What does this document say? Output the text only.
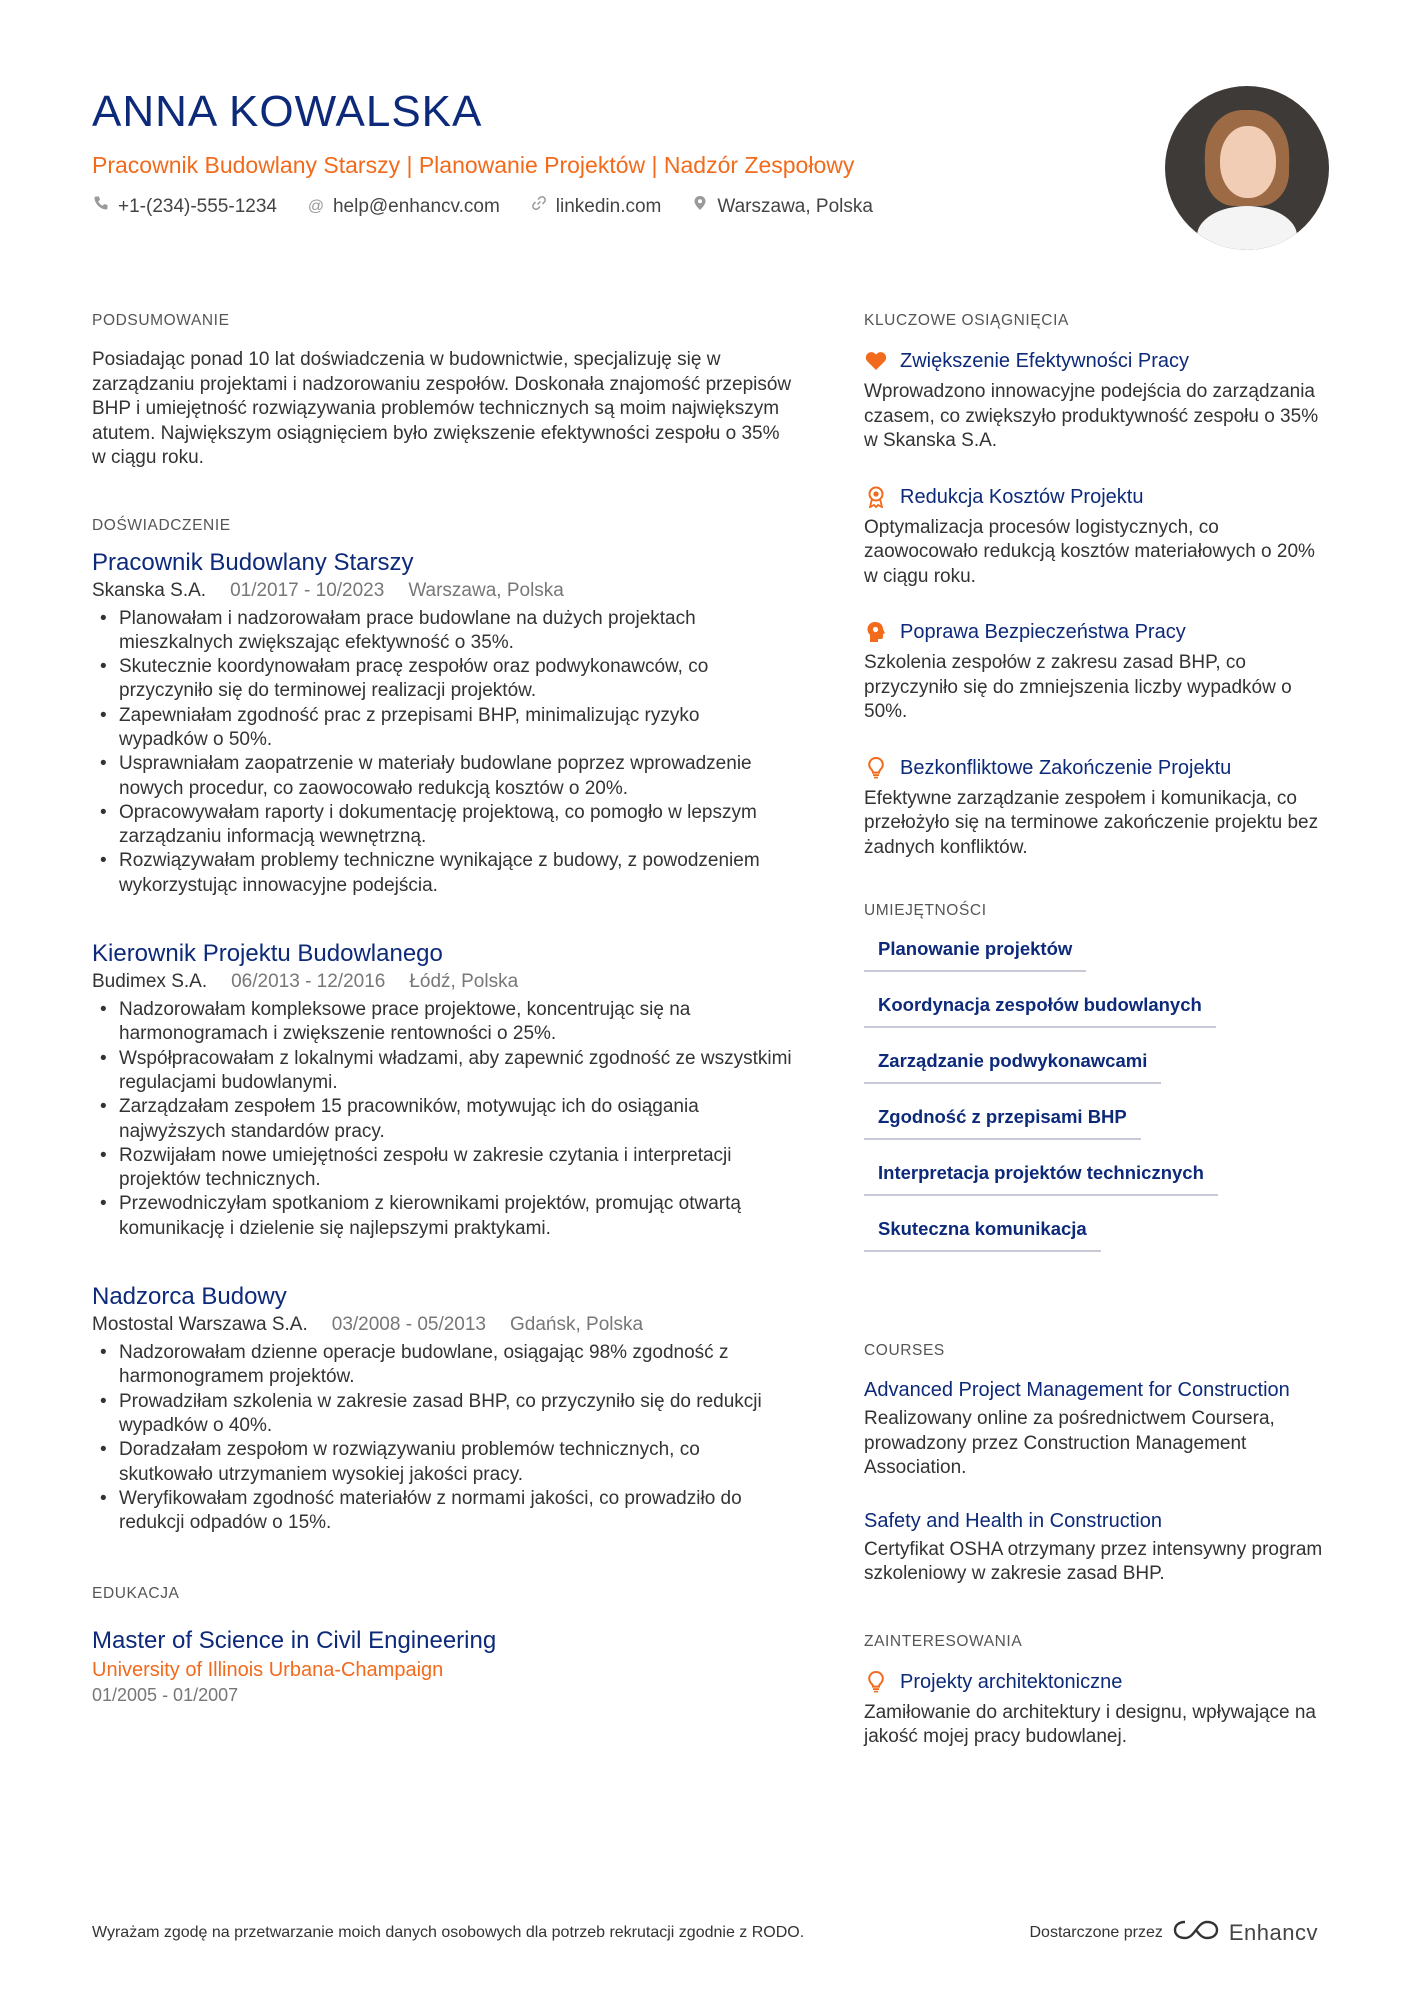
ANNA KOWALSKA
Pracownik Budowlany Starszy | Planowanie Projektów | Nadzór Zespołowy
+1-(234)-555-1234 @ help@enhancv.com	linkedin.com	Warszawa, Polska
PODSUMOWANIE

Posiadając ponad 10 lat doświadczenia w budownictwie, specjalizuję się w zarządzaniu projektami i nadzorowaniu zespołów. Doskonała znajomość przepisów BHP i umiejętność rozwiązywania problemów technicznych są moim największym atutem. Największym osiągnięciem było zwiększenie efektywności zespołu o 35% w ciągu roku.

DOŚWIADCZENIE
Pracownik Budowlany Starszy
Skanska S.A. 01/2017 - 10/2023 Warszawa, Polska
• Planowałam i nadzorowałam prace budowlane na dużych projektach mieszkalnych zwiększając efektywność o 35%.
• Skutecznie koordynowałam pracę zespołów oraz podwykonawców, co przyczyniło się do terminowej realizacji projektów.
• Zapewniałam zgodność prac z przepisami BHP, minimalizując ryzyko wypadków o 50%.
• Usprawniałam zaopatrzenie w materiały budowlane poprzez wprowadzenie nowych procedur, co zaowocowało redukcją kosztów o 20%.
• Opracowywałam raporty i dokumentację projektową, co pomogło w lepszym zarządzaniu informacją wewnętrzną.
• Rozwiązywałam problemy techniczne wynikające z budowy, z powodzeniem wykorzystując innowacyjne podejścia.
Kierownik Projektu Budowlanego
Budimex S.A. 06/2013 - 12/2016 Łódź, Polska
• Nadzorowałam kompleksowe prace projektowe, koncentrując się na harmonogramach i zwiększenie rentowności o 25%.
• Współpracowałam z lokalnymi władzami, aby zapewnić zgodność ze wszystkimi regulacjami budowlanymi.
• Zarządzałam zespołem 15 pracowników, motywując ich do osiągania najwyższych standardów pracy.
• Rozwijałam nowe umiejętności zespołu w zakresie czytania i interpretacji projektów technicznych.
• Przewodniczyłam spotkaniom z kierownikami projektów, promując otwartą komunikację i dzielenie się najlepszymi praktykami.
Nadzorca Budowy
Mostostal Warszawa S.A. 03/2008 - 05/2013 Gdańsk, Polska
• Nadzorowałam dzienne operacje budowlane, osiągając 98% zgodność z harmonogramem projektów.
• Prowadziłam szkolenia w zakresie zasad BHP, co przyczyniło się do redukcji wypadków o 40%.
• Doradzałam zespołom w rozwiązywaniu problemów technicznych, co skutkowało utrzymaniem wysokiej jakości pracy.
• Weryfikowałam zgodność materiałów z normami jakości, co prowadziło do redukcji odpadów o 15%.
EDUKACJA
Master of Science in Civil Engineering
University of Illinois Urbana-Champaign
01/2005 - 01/2007
KLUCZOWE OSIĄGNIĘCIA
Zwiększenie Efektywności Pracy
Wprowadzono innowacyjne podejścia do zarządzania czasem, co zwiększyło produktywność zespołu o 35% w Skanska S.A.
Redukcja Kosztów Projektu
Optymalizacja procesów logistycznych, co zaowocowało redukcją kosztów materiałowych o 20% w ciągu roku.
Poprawa Bezpieczeństwa Pracy
Szkolenia zespołów z zakresu zasad BHP, co przyczyniło się do zmniejszenia liczby wypadków o 50%.
Bezkonfliktowe Zakończenie Projektu
Efektywne zarządzanie zespołem i komunikacja, co przełożyło się na terminowe zakończenie projektu bez żadnych konfliktów.
UMIEJĘTNOŚCI
Planowanie projektów
Koordynacja zespołów budowlanych
Zarządzanie podwykonawcami
Zgodność z przepisami BHP
Interpretacja projektów technicznych
Skuteczna komunikacja
COURSES
Advanced Project Management for Construction
Realizowany online za pośrednictwem Coursera, prowadzony przez Construction Management Association.
Safety and Health in Construction
Certyfikat OSHA otrzymany przez intensywny program szkoleniowy w zakresie zasad BHP.
ZAINTERESOWANIA
Projekty architektoniczne
Zamiłowanie do architektury i designu, wpływające na jakość mojej pracy budowlanej.
Wyrażam zgodę na przetwarzanie moich danych osobowych dla potrzeb rekrutacji zgodnie z RODO.	Dostarczone przez	Enhancv
